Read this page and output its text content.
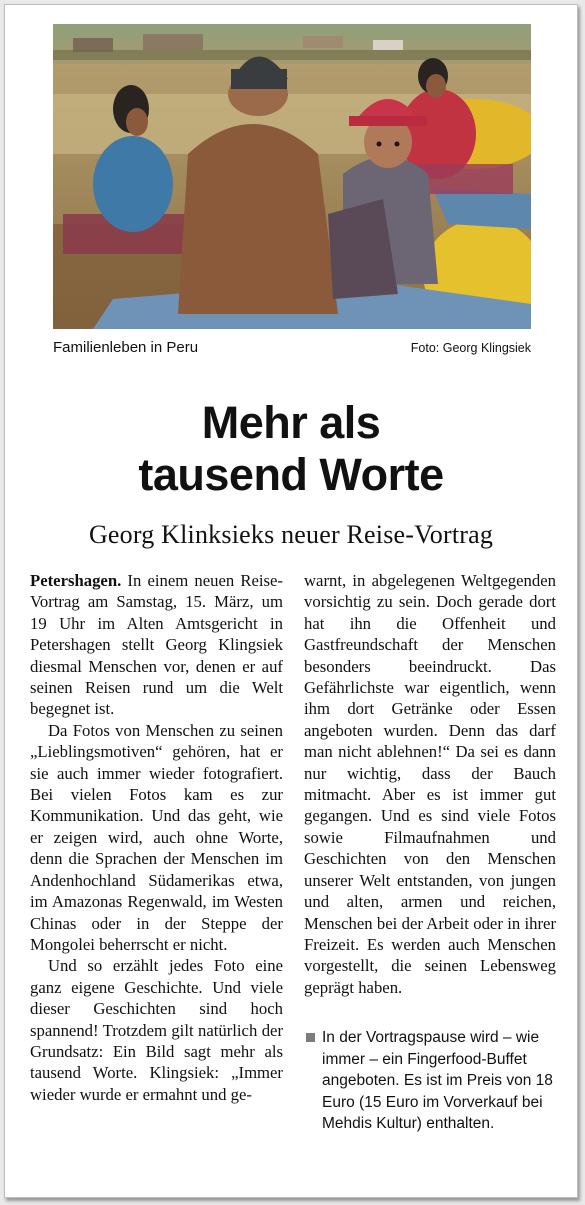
Familienleben in Peru	Foto: Georg Klingsiek
Mehr als
tausend Worte
Georg Klinksieks neuer Reise-Vortrag

Petershagen. In einem neuen Reise-Vortrag am Samstag, 15. März, um 19 Uhr im Alten Amtsgericht in Petershagen stellt Georg Klingsiek diesmal Menschen vor, denen er auf seinen Reisen rund um die Welt begegnet ist.

Da Fotos von Menschen zu seinen „Lieblingsmotiven“ gehören, hat er sie auch immer wieder fotografiert. Bei vielen Fotos kam es zur Kommunikation. Und das geht, wie er zeigen wird, auch ohne Worte, denn die Sprachen der Menschen im Andenhochland Südamerikas etwa, im Amazonas Regenwald, im Westen Chinas oder in der Steppe der Mongolei beherrscht er nicht.

Und so erzählt jedes Foto eine ganz eigene Geschichte. Und viele dieser Geschichten sind hoch spannend! Trotzdem gilt natürlich der Grundsatz: Ein Bild sagt mehr als tausend Worte. Klingsiek: „Immer wieder wurde er ermahnt und ge-

warnt, in abgelegenen Weltgegenden vorsichtig zu sein. Doch gerade dort hat ihn die Offenheit und Gastfreundschaft der Menschen besonders beeindruckt. Das Gefährlichste war eigentlich, wenn ihm dort Getränke oder Essen angeboten wurden. Denn das darf man nicht ablehnen!“ Da sei es dann nur wichtig, dass der Bauch mitmacht. Aber es ist immer gut gegangen. Und es sind viele Fotos sowie Filmaufnahmen und Geschichten von den Menschen unserer Welt entstanden, von jungen und alten, armen und reichen, Menschen bei der Arbeit oder in ihrer Freizeit. Es werden auch Menschen vorgestellt, die seinen Lebensweg geprägt haben.

In der Vortragspause wird – wie immer – ein Fingerfood-Buffet angeboten. Es ist im Preis von 18 Euro (15 Euro im Vorverkauf bei Mehdis Kultur) enthalten.
